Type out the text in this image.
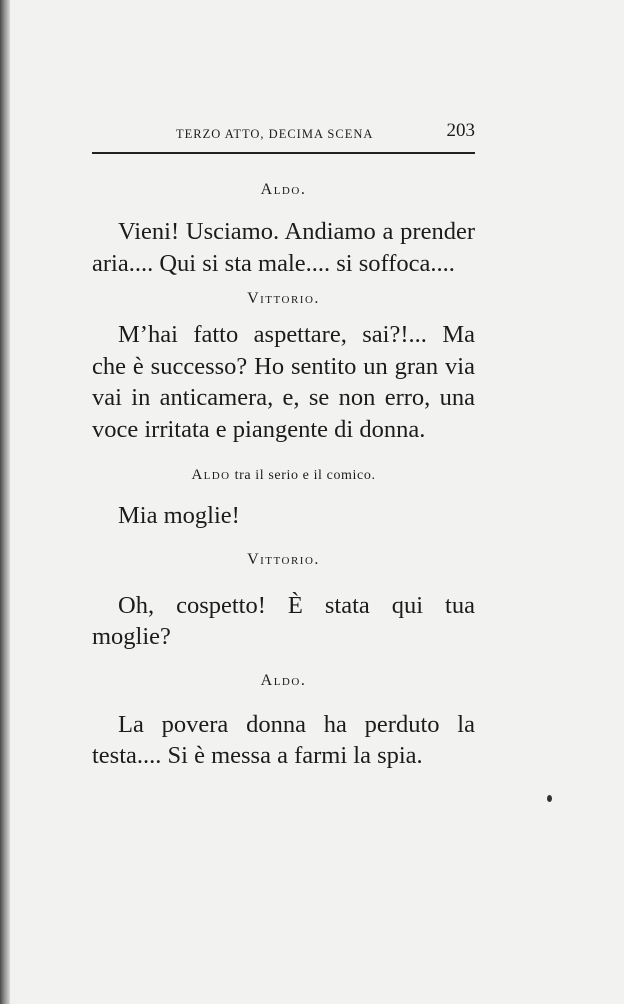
TERZO ATTO, DECIMA SCENA	203
Aldo.

Vieni! Usciamo. Andiamo a prender aria.... Qui si sta male.... si soffoca....

Vittorio.

M’hai fatto aspettare, sai?!... Ma che è successo? Ho sentito un gran via vai in anticamera, e, se non erro, una voce irritata e piangente di donna.

Aldo tra il serio e il comico.

Mia moglie!

Vittorio.

Oh, cospetto! È stata qui tua moglie?

Aldo.

La povera donna ha perduto la testa.... Si è messa a farmi la spia.
